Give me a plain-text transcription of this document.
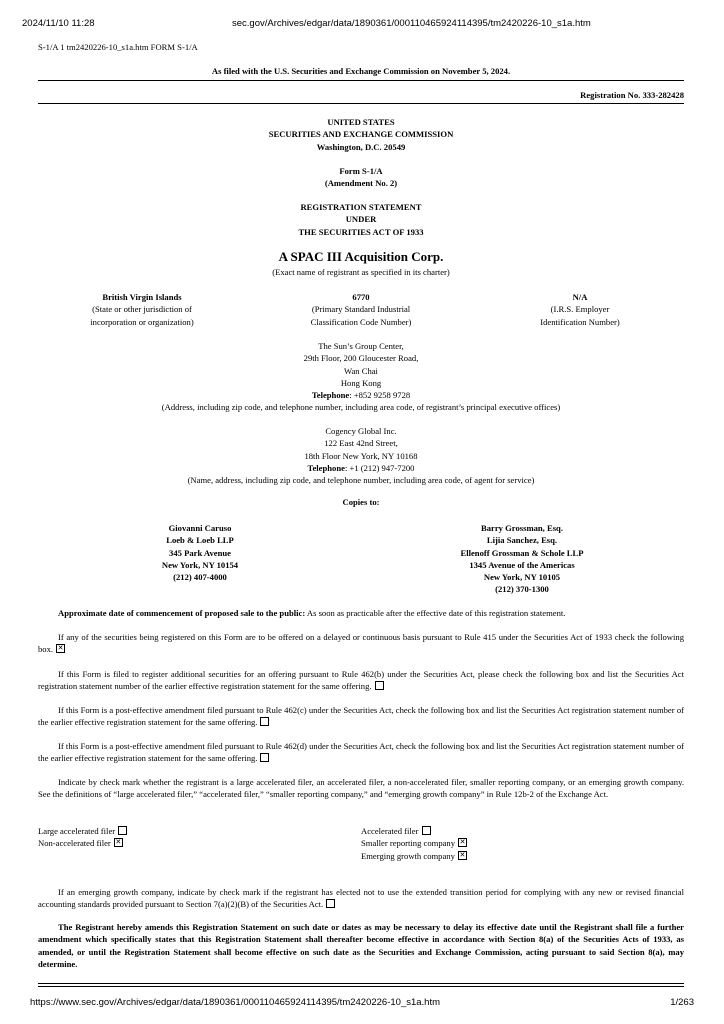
2024/11/10 11:28	sec.gov/Archives/edgar/data/1890361/000110465924114395/tm2420226-10_s1a.htm
S-1/A 1 tm2420226-10_s1a.htm FORM S-1/A
As filed with the U.S. Securities and Exchange Commission on November 5, 2024.
Registration No. 333-282428
UNITED STATES
SECURITIES AND EXCHANGE COMMISSION
Washington, D.C. 20549
Form S-1/A
(Amendment No. 2)
REGISTRATION STATEMENT
UNDER
THE SECURITIES ACT OF 1933
A SPAC III Acquisition Corp.
(Exact name of registrant as specified in its charter)
British Virgin Islands
(State or other jurisdiction of
incorporation or organization)
6770
(Primary Standard Industrial
Classification Code Number)
N/A
(I.R.S. Employer
Identification Number)
The Sun’s Group Center,
29th Floor, 200 Gloucester Road,
Wan Chai
Hong Kong
Telephone: +852 9258 9728
(Address, including zip code, and telephone number, including area code, of registrant’s principal executive offices)
Cogency Global Inc.
122 East 42nd Street,
18th Floor New York, NY 10168
Telephone: +1 (212) 947-7200
(Name, address, including zip code, and telephone number, including area code, of agent for service)
Copies to:
Giovanni Caruso
Loeb & Loeb LLP
345 Park Avenue
New York, NY 10154
(212) 407-4000
Barry Grossman, Esq.
Lijia Sanchez, Esq.
Ellenoff Grossman & Schole LLP
1345 Avenue of the Americas
New York, NY 10105
(212) 370-1300
Approximate date of commencement of proposed sale to the public: As soon as practicable after the effective date of this registration statement.
If any of the securities being registered on this Form are to be offered on a delayed or continuous basis pursuant to Rule 415 under the Securities Act of 1933 check the following box.✕
If this Form is filed to register additional securities for an offering pursuant to Rule 462(b) under the Securities Act, please check the following box and list the Securities Act registration statement number of the earlier effective registration statement for the same offering.
If this Form is a post-effective amendment filed pursuant to Rule 462(c) under the Securities Act, check the following box and list the Securities Act registration statement number of the earlier effective registration statement for the same offering.
If this Form is a post-effective amendment filed pursuant to Rule 462(d) under the Securities Act, check the following box and list the Securities Act registration statement number of the earlier effective registration statement for the same offering.
Indicate by check mark whether the registrant is a large accelerated filer, an accelerated filer, a non-accelerated filer, smaller reporting company, or an emerging growth company. See the definitions of “large accelerated filer,” “accelerated filer,” “smaller reporting company,” and “emerging growth company” in Rule 12b-2 of the Exchange Act.
Large accelerated filer
Non-accelerated filer✕
Accelerated filer
Smaller reporting company✕
Emerging growth company✕
If an emerging growth company, indicate by check mark if the registrant has elected not to use the extended transition period for complying with any new or revised financial accounting standards provided pursuant to Section 7(a)(2)(B) of the Securities Act.
The Registrant hereby amends this Registration Statement on such date or dates as may be necessary to delay its effective date until the Registrant shall file a further amendment which specifically states that this Registration Statement shall thereafter become effective in accordance with Section 8(a) of the Securities Acts of 1933, as amended, or until the Registration Statement shall become effective on such date as the Securities and Exchange Commission, acting pursuant to said Section 8(a), may determine.
https://www.sec.gov/Archives/edgar/data/1890361/000110465924114395/tm2420226-10_s1a.htm	1/263
